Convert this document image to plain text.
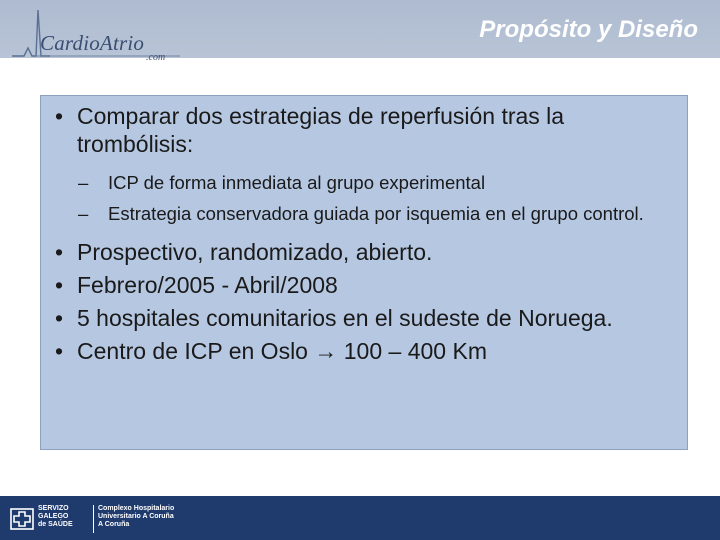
CardioAtrio
.com
Propósito y Diseño
• Comparar dos estrategias de reperfusión tras la trombólisis:
– ICP de forma inmediata al grupo experimental
– Estrategia conservadora guiada por isquemia en el grupo control.
• Prospectivo, randomizado, abierto.
• Febrero/2005 - Abril/2008
• 5 hospitales comunitarios en el sudeste de Noruega.
• Centro de ICP en Oslo → 100 – 400 Km
SERVIZO
GALEGO
de SAÚDE
Complexo Hospitalario
Universitario A Coruña
A Coruña
